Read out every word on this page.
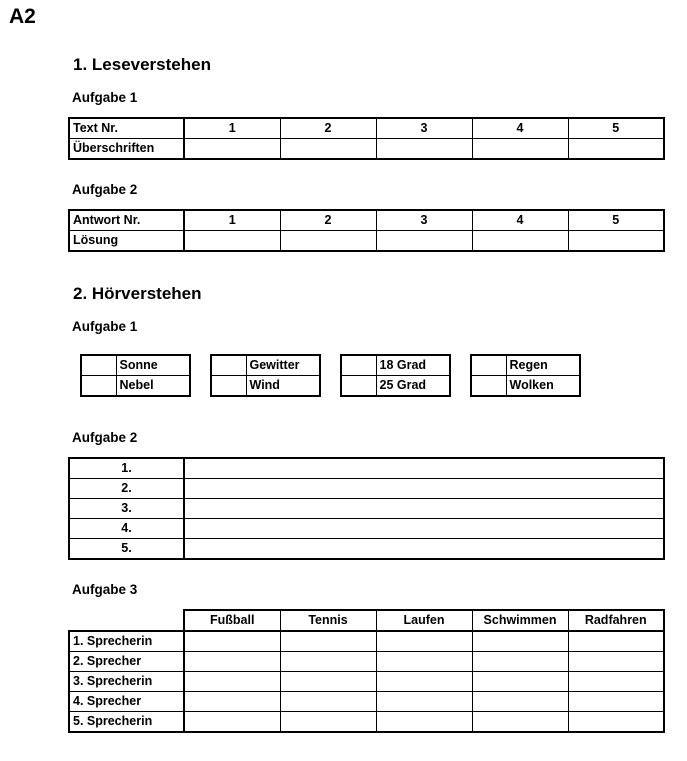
A2
1. Leseverstehen
Aufgabe 1
Text Nr.	1	2	3	4	5
Überschriften					
Aufgabe 2
Antwort Nr.	1	2	3	4	5
Lösung					
2. Hörverstehen
Aufgabe 1
	Sonne
	Nebel
	Gewitter
	Wind
	18 Grad
	25 Grad
	Regen
	Wolken
Aufgabe 2
1.	
2.	
3.	
4.	
5.	
Aufgabe 3
	Fußball	Tennis	Laufen	Schwimmen	Radfahren
1. Sprecherin					
2. Sprecher					
3. Sprecherin					
4. Sprecher					
5. Sprecherin					
